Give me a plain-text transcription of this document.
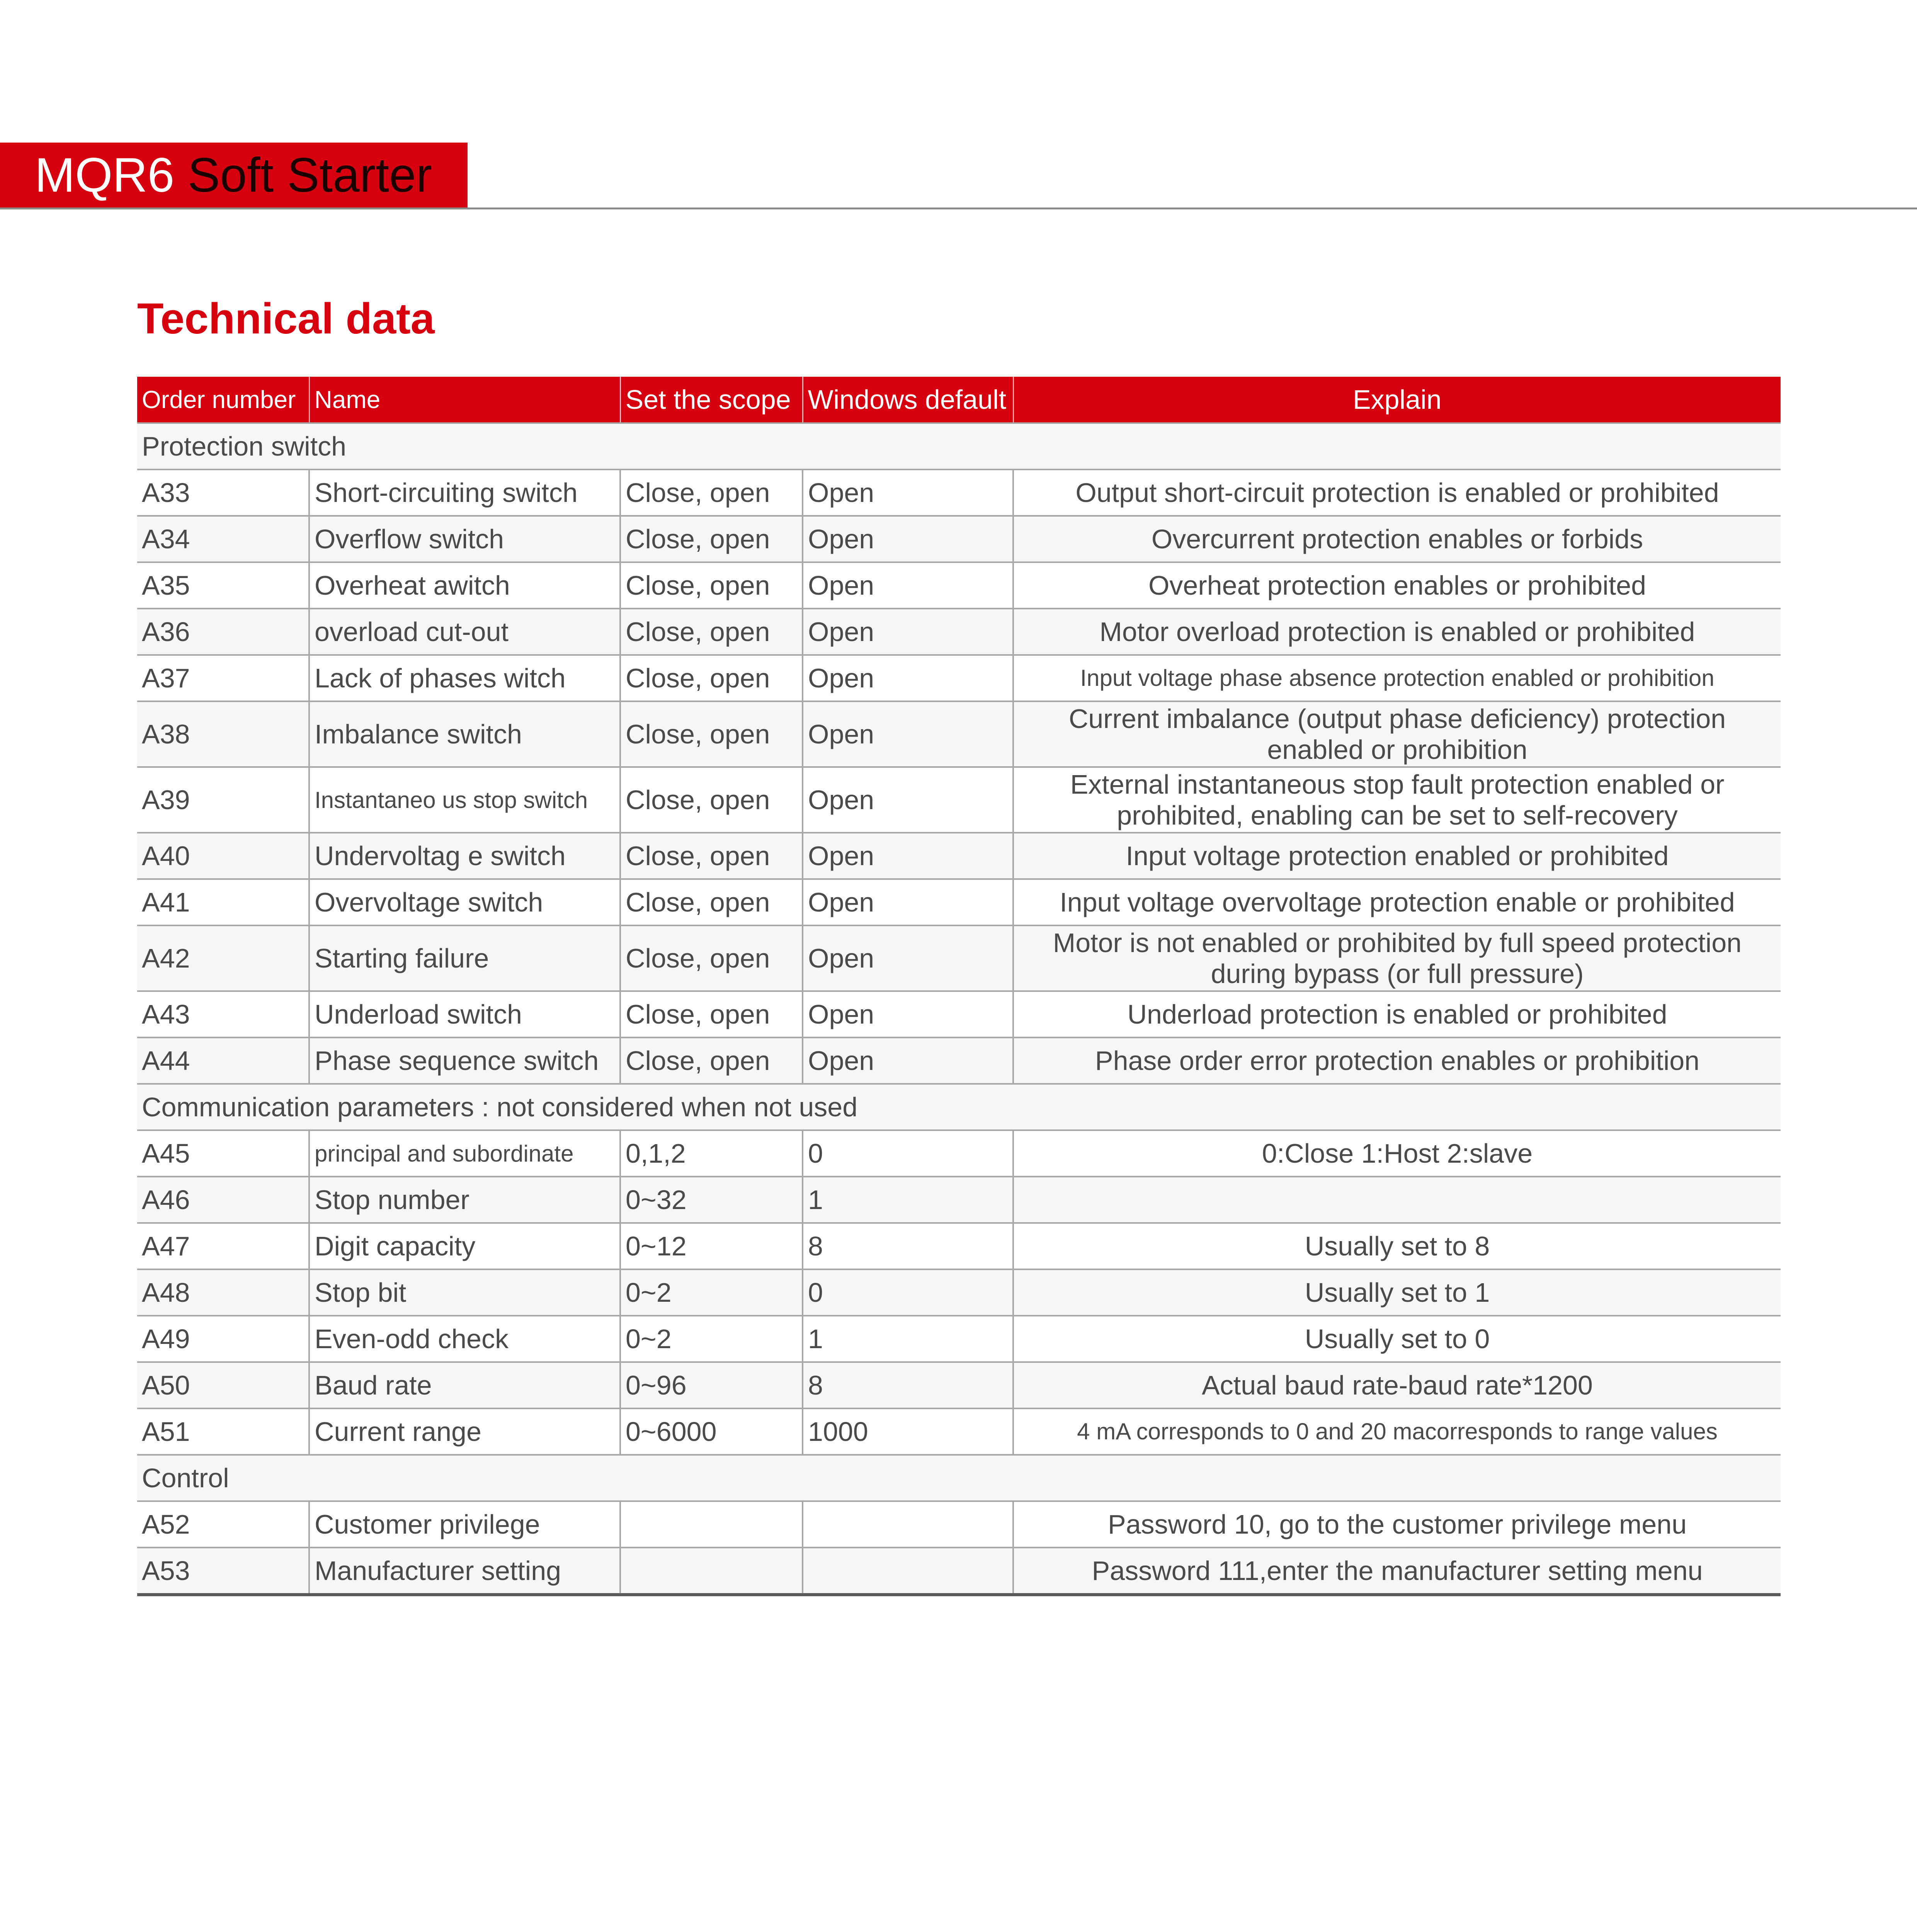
MQR6 Soft Starter
Technical data
Order number	Name	Set the scope	Windows default	Explain
Protection switch				
A33	Short-circuiting switch	Close, open	Open	Output short-circuit protection is enabled or prohibited
A34	Overflow switch	Close, open	Open	Overcurrent protection enables or forbids
A35	Overheat awitch	Close, open	Open	Overheat protection enables or prohibited
A36	overload cut-out	Close, open	Open	Motor overload protection is enabled or prohibited
A37	Lack of phases witch	Close, open	Open	Input voltage phase absence protection enabled or prohibition
A38	Imbalance switch	Close, open	Open	Current imbalance (output phase deficiency) protection enabled or prohibition
A39	Instantaneo us stop switch	Close, open	Open	External instantaneous stop fault protection enabled or prohibited, enabling can be set to self-recovery
A40	Undervoltag e switch	Close, open	Open	Input voltage protection enabled or prohibited
A41	Overvoltage switch	Close, open	Open	Input voltage overvoltage protection enable or prohibited
A42	Starting failure	Close, open	Open	Motor is not enabled or prohibited by full speed protection during bypass (or full pressure)
A43	Underload switch	Close, open	Open	Underload protection is enabled or prohibited
A44	Phase sequence switch	Close, open	Open	Phase order error protection enables or prohibition
Communication parameters : not considered when not used				
A45	principal and subordinate	0,1,2	0	0:Close 1:Host 2:slave
A46	Stop number	0~32	1	
A47	Digit capacity	0~12	8	Usually set to 8
A48	Stop bit	0~2	0	Usually set to 1
A49	Even-odd check	0~2	1	Usually set to 0
A50	Baud rate	0~96	8	Actual baud rate-baud rate*1200
A51	Current range	0~6000	1000	4 mA corresponds to 0 and 20 macorresponds to range values
Control				
A52	Customer privilege			Password 10, go to the customer privilege menu
A53	Manufacturer setting			Password 111,enter the manufacturer setting menu
